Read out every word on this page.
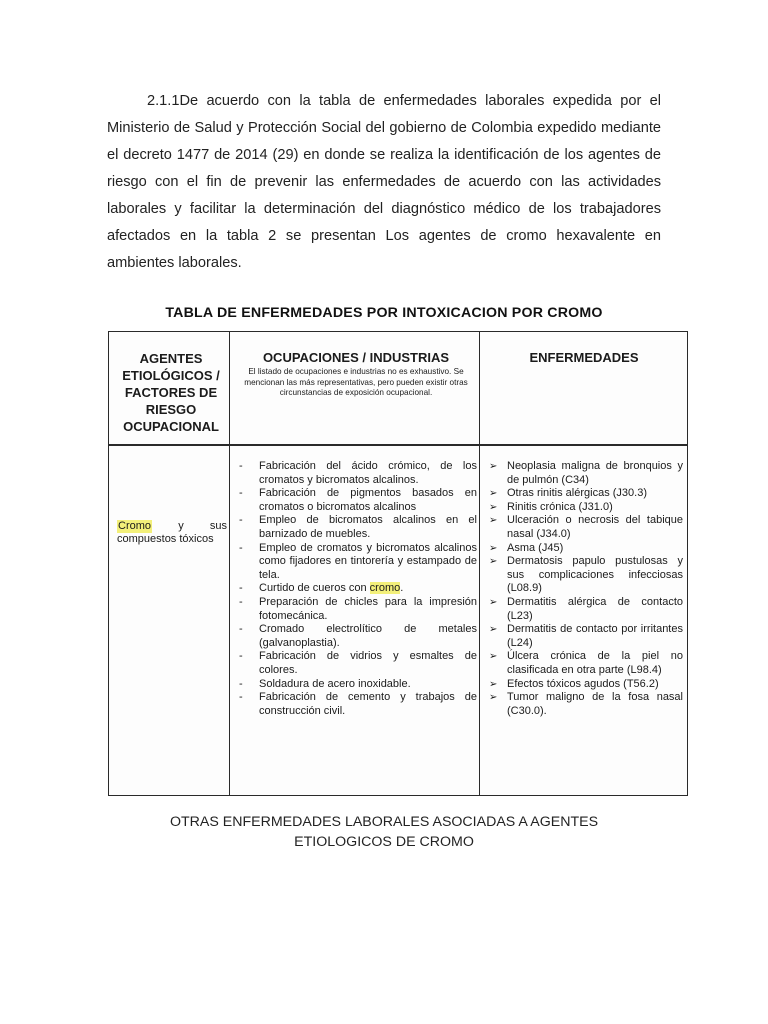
2.1.1De acuerdo con la tabla de enfermedades laborales expedida por el Ministerio de Salud y Protección Social del gobierno de Colombia expedido mediante el decreto 1477 de 2014 (29) en donde se realiza la identificación de los agentes de riesgo con el fin de prevenir las enfermedades de acuerdo con las actividades laborales y facilitar la determinación del diagnóstico médico de los trabajadores afectados en la tabla 2 se presentan Los agentes de cromo hexavalente en ambientes laborales.
TABLA DE ENFERMEDADES POR INTOXICACION POR CROMO
AGENTES ETIOLÓGICOS / FACTORES DE RIESGO OCUPACIONAL
OCUPACIONES / INDUSTRIAS
El listado de ocupaciones e industrias no es exhaustivo. Se mencionan las más representativas, pero pueden existir otras circunstancias de exposición ocupacional.
ENFERMEDADES
Cromo y sus
compuestos tóxicos
- Fabricación del ácido crómico, de los cromatos y bicromatos alcalinos.
- Fabricación de pigmentos basados en cromatos o bicromatos alcalinos
- Empleo de bicromatos alcalinos en el barnizado de muebles.
- Empleo de cromatos y bicromatos alcalinos como fijadores en tintorería y estampado de tela.
- Curtido de cueros con cromo.
- Preparación de chicles para la impresión fotomecánica.
- Cromado electrolítico de metales (galvanoplastia).
- Fabricación de vidrios y esmaltes de colores.
- Soldadura de acero inoxidable.
- Fabricación de cemento y trabajos de construcción civil.
➢ Neoplasia maligna de bronquios y de pulmón (C34)
➢ Otras rinitis alérgicas (J30.3)
➢ Rinitis crónica (J31.0)
➢ Ulceración o necrosis del tabique nasal (J34.0)
➢ Asma (J45)
➢ Dermatosis papulo pustulosas y sus complicaciones infecciosas (L08.9)
➢ Dermatitis alérgica de contacto (L23)
➢ Dermatitis de contacto por irritantes (L24)
➢ Úlcera crónica de la piel no clasificada en otra parte (L98.4)
➢ Efectos tóxicos agudos (T56.2)
➢ Tumor maligno de la fosa nasal (C30.0).
OTRAS ENFERMEDADES LABORALES ASOCIADAS A AGENTES
ETIOLOGICOS DE CROMO
